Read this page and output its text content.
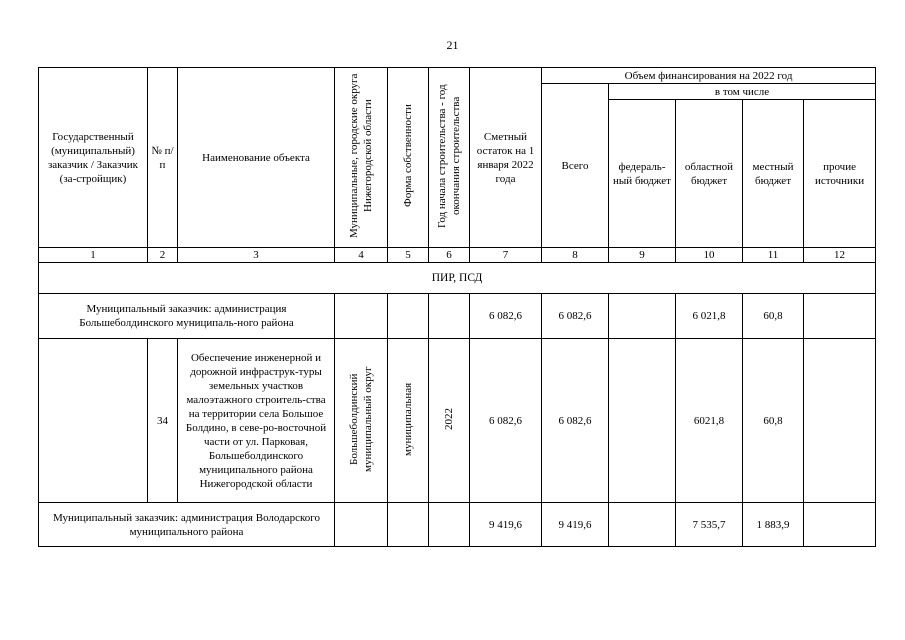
21
Государственный (муниципальный) заказчик / Заказчик (за-стройщик)	№ п/п	Наименование объекта	Муниципальные, городские округа Нижегородской области	Форма собственности	Год начала строительства - год окончания строительства	Сметный остаток на 1 января 2022 года	Объем финансирования на 2022 год				
							Всего	в том числе			
								федераль-ный бюджет	областной бюджет	местный бюджет	прочие источники
1	2	3	4	5	6	7	8	9	10	11	12
ПИР, ПСД											
Муниципальный заказчик: администрация Большеболдинского муниципаль-ного района						6 082,6	6 082,6		6 021,8	60,8	
	34	Обеспечение инженерной и дорожной инфраструк-туры земельных участков малоэтажного строитель-ства на территории села Большое Болдино, в севе-ро-восточной части от ул. Парковая, Большеболдинского муниципального района Нижегородской области	Большеболдинский муниципальный округ	муниципальная	2022	6 082,6	6 082,6		6021,8	60,8	
Муниципальный заказчик: администрация Володарского муниципального района						9 419,6	9 419,6		7 535,7	1 883,9	
